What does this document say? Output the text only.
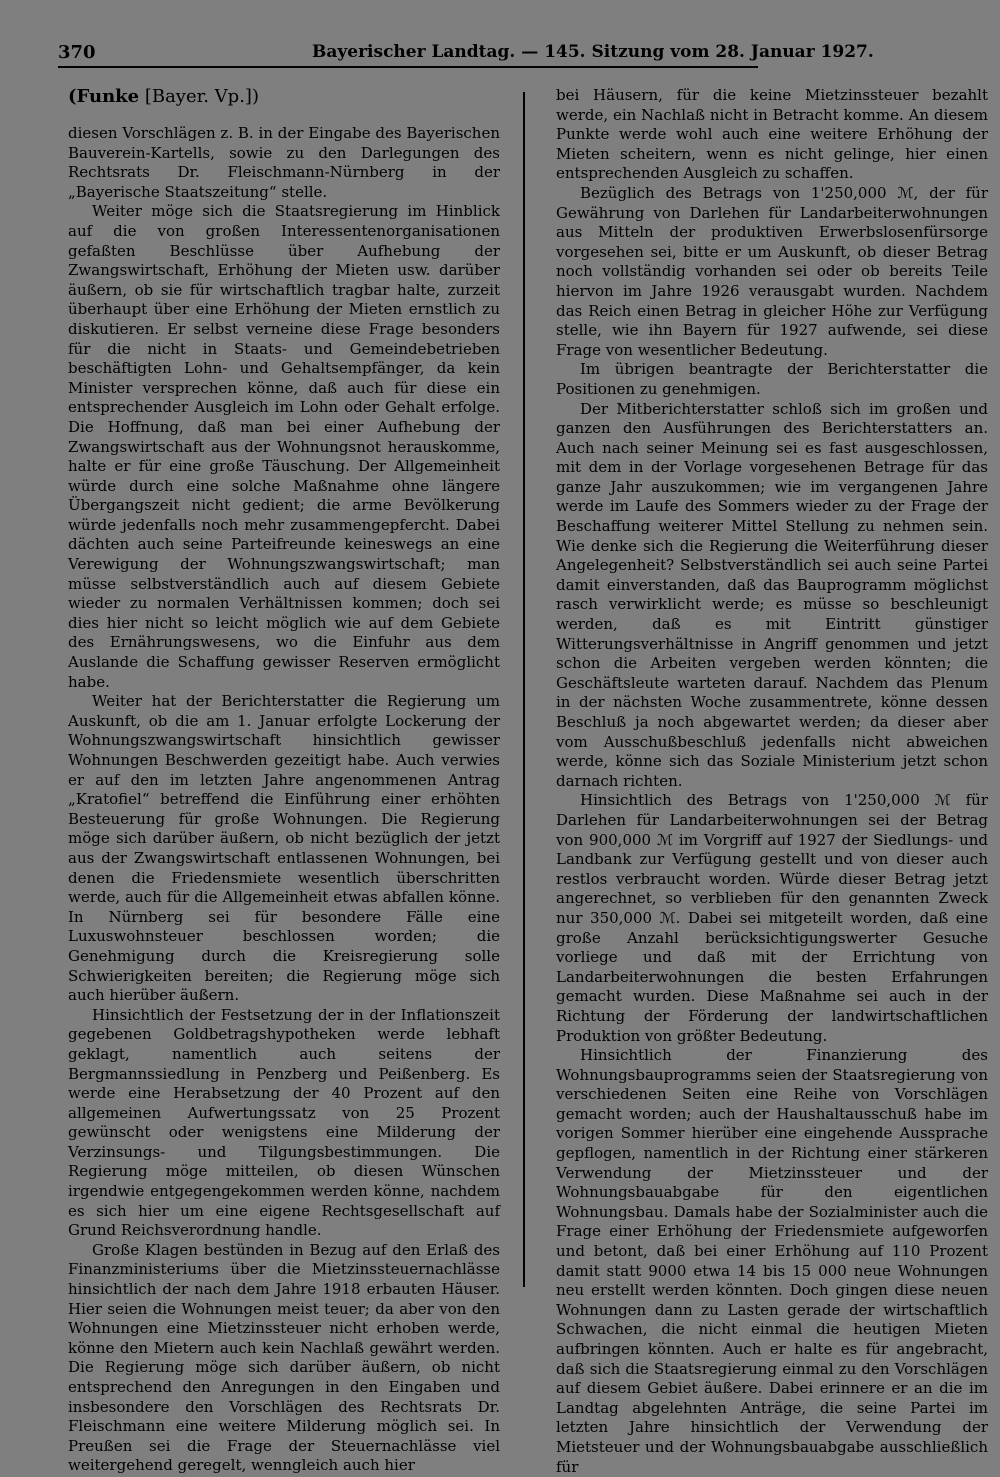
370	Bayerischer Landtag. — 145. Sitzung vom 28. Januar 1927.
(Funke [Bayer. Vp.])

diesen Vorschlägen z. B. in der Eingabe des Bayerischen Bauverein-Kartells, sowie zu den Darlegungen des Rechtsrats Dr. Fleischmann-Nürnberg in der „Bayerische Staatszeitung“ stelle.

Weiter möge sich die Staatsregierung im Hinblick auf die von großen Interessentenorganisationen gefaßten Beschlüsse über Aufhebung der Zwangswirtschaft, Erhöhung der Mieten usw. darüber äußern, ob sie für wirtschaftlich tragbar halte, zurzeit überhaupt über eine Erhöhung der Mieten ernstlich zu diskutieren. Er selbst verneine diese Frage besonders für die nicht in Staats- und Gemeindebetrieben beschäftigten Lohn- und Gehaltsempfänger, da kein Minister versprechen könne, daß auch für diese ein entsprechender Ausgleich im Lohn oder Gehalt erfolge. Die Hoffnung, daß man bei einer Aufhebung der Zwangswirtschaft aus der Wohnungsnot herauskomme, halte er für eine große Täuschung. Der Allgemeinheit würde durch eine solche Maßnahme ohne längere Übergangszeit nicht gedient; die arme Bevölkerung würde jedenfalls noch mehr zusammengepfercht. Dabei dächten auch seine Parteifreunde keineswegs an eine Verewigung der Wohnungszwangswirtschaft; man müsse selbstverständlich auch auf diesem Gebiete wieder zu normalen Verhältnissen kommen; doch sei dies hier nicht so leicht möglich wie auf dem Gebiete des Ernährungswesens, wo die Einfuhr aus dem Auslande die Schaffung gewisser Reserven ermöglicht habe.

Weiter hat der Berichterstatter die Regierung um Auskunft, ob die am 1. Januar erfolgte Lockerung der Wohnungszwangswirtschaft hinsichtlich gewisser Wohnungen Beschwerden gezeitigt habe. Auch verwies er auf den im letzten Jahre angenommenen Antrag „Kratofiel“ betreffend die Einführung einer erhöhten Besteuerung für große Wohnungen. Die Regierung möge sich darüber äußern, ob nicht bezüglich der jetzt aus der Zwangswirtschaft entlassenen Wohnungen, bei denen die Friedensmiete wesentlich überschritten werde, auch für die Allgemeinheit etwas abfallen könne. In Nürnberg sei für besondere Fälle eine Luxuswohnsteuer beschlossen worden; die Genehmigung durch die Kreisregierung solle Schwierigkeiten bereiten; die Regierung möge sich auch hierüber äußern.

Hinsichtlich der Festsetzung der in der Inflationszeit gegebenen Goldbetragshypotheken werde lebhaft geklagt, namentlich auch seitens der Bergmannssiedlung in Penzberg und Peißenberg. Es werde eine Herabsetzung der 40 Prozent auf den allgemeinen Aufwertungssatz von 25 Prozent gewünscht oder wenigstens eine Milderung der Verzinsungs- und Tilgungsbestimmungen. Die Regierung möge mitteilen, ob diesen Wünschen irgendwie entgegengekommen werden könne, nachdem es sich hier um eine eigene Rechtsgesellschaft auf Grund Reichsverordnung handle.

Große Klagen bestünden in Bezug auf den Erlaß des Finanzministeriums über die Mietzinssteuernachlässe hinsichtlich der nach dem Jahre 1918 erbauten Häuser. Hier seien die Wohnungen meist teuer; da aber von den Wohnungen eine Mietzinssteuer nicht erhoben werde, könne den Mietern auch kein Nachlaß gewährt werden. Die Regierung möge sich darüber äußern, ob nicht entsprechend den Anregungen in den Eingaben und insbesondere den Vorschlägen des Rechtsrats Dr. Fleischmann eine weitere Milderung möglich sei. In Preußen sei die Frage der Steuernachlässe viel weitergehend geregelt, wenngleich auch hier

bei Häusern, für die keine Mietzinssteuer bezahlt werde, ein Nachlaß nicht in Betracht komme. An diesem Punkte werde wohl auch eine weitere Erhöhung der Mieten scheitern, wenn es nicht gelinge, hier einen entsprechenden Ausgleich zu schaffen.

Bezüglich des Betrags von 1'250,000 ℳ, der für Gewährung von Darlehen für Landarbeiterwohnungen aus Mitteln der produktiven Erwerbslosenfürsorge vorgesehen sei, bitte er um Auskunft, ob dieser Betrag noch vollständig vorhanden sei oder ob bereits Teile hiervon im Jahre 1926 verausgabt wurden. Nachdem das Reich einen Betrag in gleicher Höhe zur Verfügung stelle, wie ihn Bayern für 1927 aufwende, sei diese Frage von wesentlicher Bedeutung.

Im übrigen beantragte der Berichterstatter die Positionen zu genehmigen.

Der Mitberichterstatter schloß sich im großen und ganzen den Ausführungen des Berichterstatters an. Auch nach seiner Meinung sei es fast ausgeschlossen, mit dem in der Vorlage vorgesehenen Betrage für das ganze Jahr auszukommen; wie im vergangenen Jahre werde im Laufe des Sommers wieder zu der Frage der Beschaffung weiterer Mittel Stellung zu nehmen sein. Wie denke sich die Regierung die Weiterführung dieser Angelegenheit? Selbstverständlich sei auch seine Partei damit einverstanden, daß das Bauprogramm möglichst rasch verwirklicht werde; es müsse so beschleunigt werden, daß es mit Eintritt günstiger Witterungsverhältnisse in Angriff genommen und jetzt schon die Arbeiten vergeben werden könnten; die Geschäftsleute warteten darauf. Nachdem das Plenum in der nächsten Woche zusammentrete, könne dessen Beschluß ja noch abgewartet werden; da dieser aber vom Ausschußbeschluß jedenfalls nicht abweichen werde, könne sich das Soziale Ministerium jetzt schon darnach richten.

Hinsichtlich des Betrags von 1'250,000 ℳ für Darlehen für Landarbeiterwohnungen sei der Betrag von 900,000 ℳ im Vorgriff auf 1927 der Siedlungs- und Landbank zur Verfügung gestellt und von dieser auch restlos verbraucht worden. Würde dieser Betrag jetzt angerechnet, so verblieben für den genannten Zweck nur 350,000 ℳ. Dabei sei mitgeteilt worden, daß eine große Anzahl berücksichtigungswerter Gesuche vorliege und daß mit der Errichtung von Landarbeiterwohnungen die besten Erfahrungen gemacht wurden. Diese Maßnahme sei auch in der Richtung der Förderung der landwirtschaftlichen Produktion von größter Bedeutung.

Hinsichtlich der Finanzierung des Wohnungsbauprogramms seien der Staatsregierung von verschiedenen Seiten eine Reihe von Vorschlägen gemacht worden; auch der Haushaltausschuß habe im vorigen Sommer hierüber eine eingehende Aussprache gepflogen, namentlich in der Richtung einer stärkeren Verwendung der Mietzinssteuer und der Wohnungsbauabgabe für den eigentlichen Wohnungsbau. Damals habe der Sozialminister auch die Frage einer Erhöhung der Friedensmiete aufgeworfen und betont, daß bei einer Erhöhung auf 110 Prozent damit statt 9000 etwa 14 bis 15 000 neue Wohnungen neu erstellt werden könnten. Doch gingen diese neuen Wohnungen dann zu Lasten gerade der wirtschaftlich Schwachen, die nicht einmal die heutigen Mieten aufbringen könnten. Auch er halte es für angebracht, daß sich die Staatsregierung einmal zu den Vorschlägen auf diesem Gebiet äußere. Dabei erinnere er an die im Landtag abgelehnten Anträge, die seine Partei im letzten Jahre hinsichtlich der Verwendung der Mietsteuer und der Wohnungsbauabgabe ausschließlich für
